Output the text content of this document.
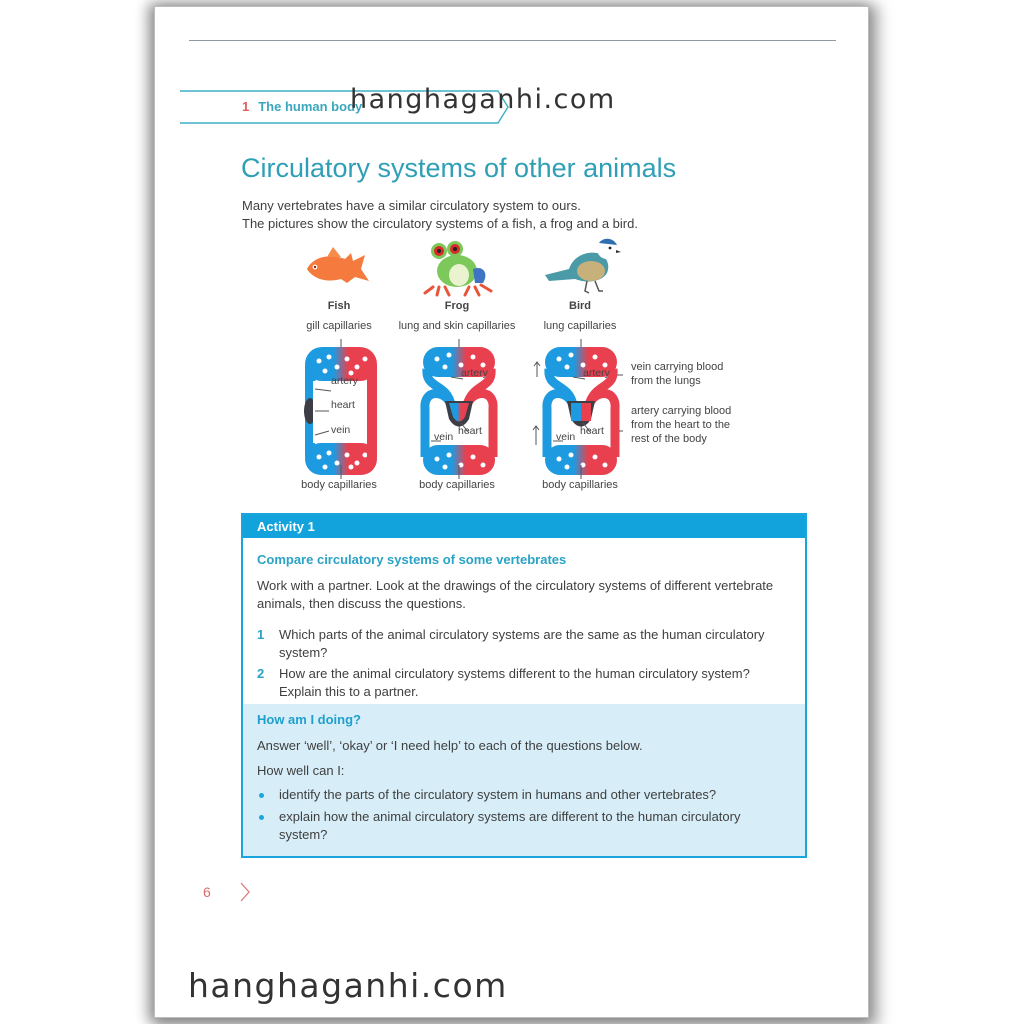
1 The human body
Circulatory systems of other animals
Many vertebrates have a similar circulatory system to ours.
The pictures show the circulatory systems of a fish, a frog and a bird.
Fish	Frog	Bird
gill capillaries lung and skin capillaries	lung capillaries
artery
heart
vein
artery
vein heart
artery
vein heart
vein carrying blood
from the lungs
artery carrying blood
from the heart to the
rest of the body
body capillaries	body capillaries	body capillaries
Activity 1
Compare circulatory systems of some vertebrates
Work with a partner. Look at the drawings of the circulatory systems of different vertebrate animals, then discuss the questions.
1 Which parts of the animal circulatory systems are the same as the human circulatory system?
2 How are the animal circulatory systems different to the human circulatory system? Explain this to a partner.
How am I doing?
Answer ‘well’, ‘okay’ or ‘I need help’ to each of the questions below.
How well can I:
identify the parts of the circulatory system in humans and other vertebrates?
explain how the animal circulatory systems are different to the human circulatory system?
6
hanghaganhi.com
hanghaganhi.com
